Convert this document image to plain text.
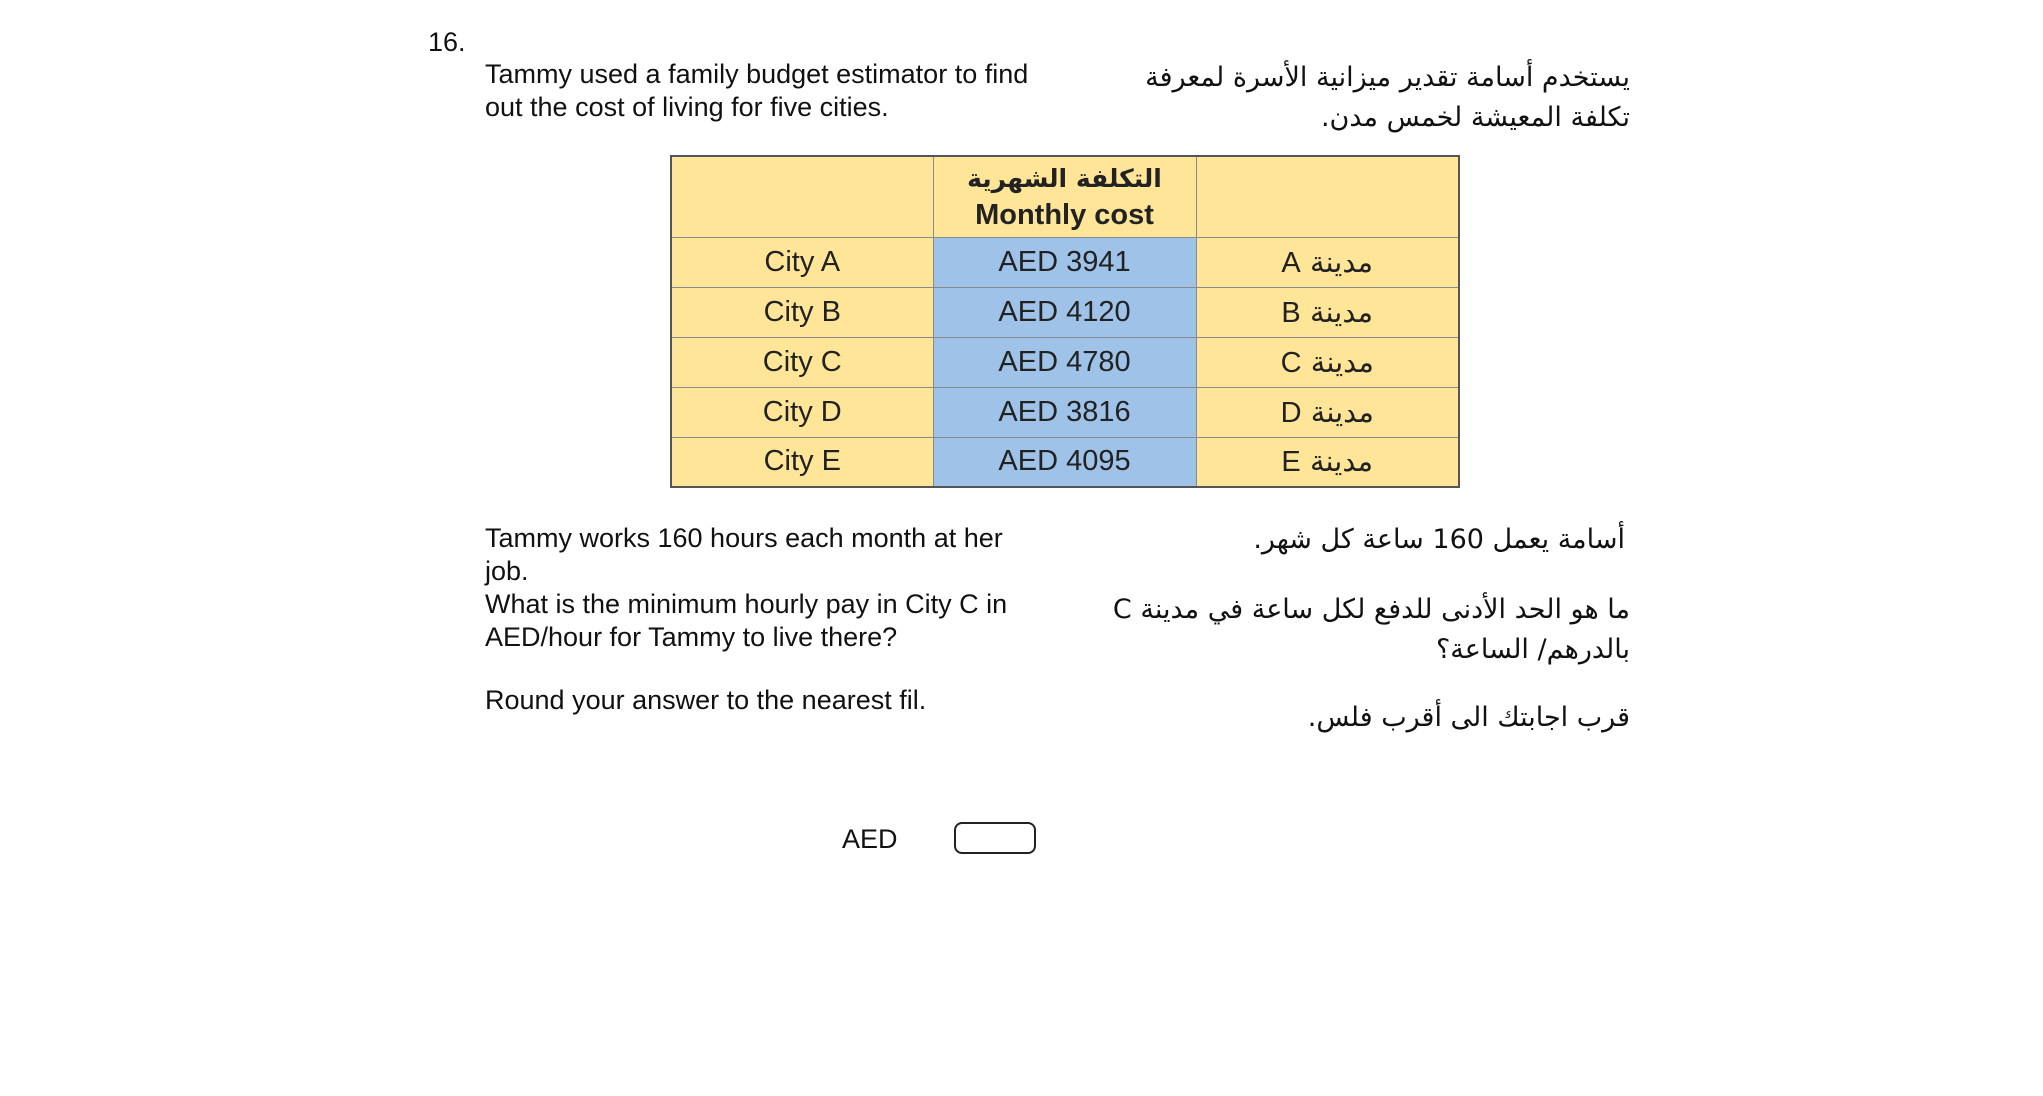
16.
Tammy used a family budget estimator to find out the cost of living for five cities.
يستخدم أسامة تقدير ميزانية الأسرة لمعرفة تكلفة المعيشة لخمس مدن.

	التكلفة الشهرية
Monthly cost	

City A	AED 3941	مدينة A
City B	AED 4120	مدينة B
City C	AED 4780	مدينة C
City D	AED 3816	مدينة D
City E	AED 4095	مدينة E
Tammy works 160 hours each month at her job.
أسامة يعمل 160 ساعة كل شهر.
What is the minimum hourly pay in City C in AED/hour for Tammy to live there?
ما هو الحد الأدنى للدفع لكل ساعة في مدينة C بالدرهم/ الساعة؟
Round your answer to the nearest fil.
قرب اجابتك الى أقرب فلس.
AED
